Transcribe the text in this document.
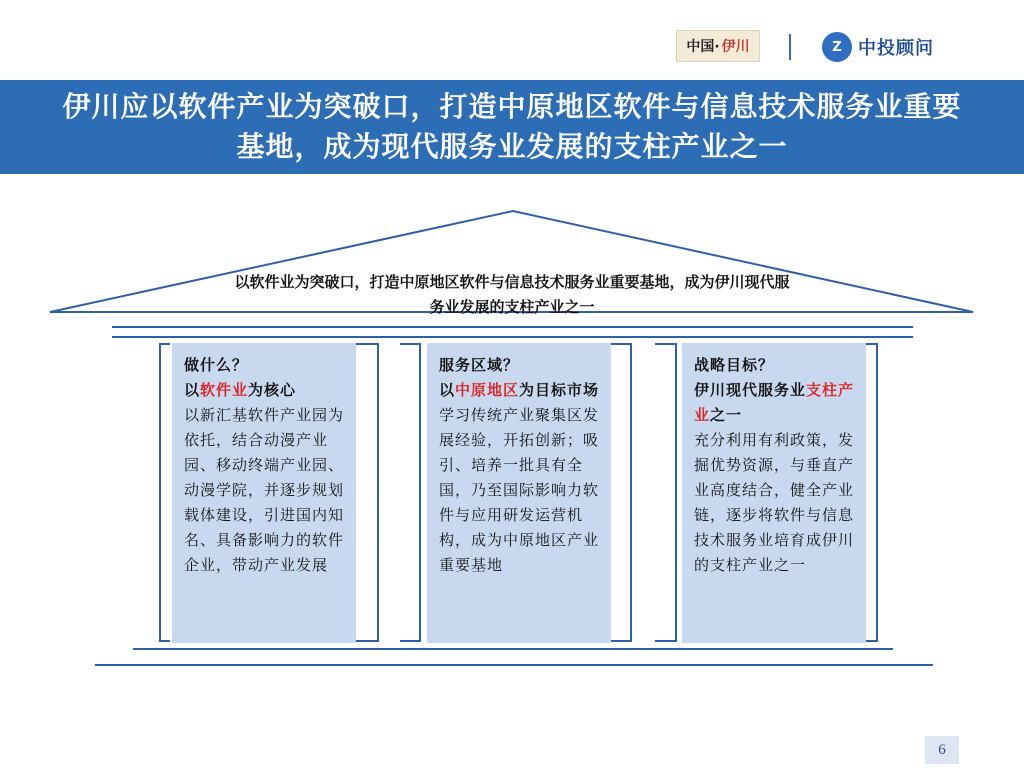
中国· 伊川	Z 中投顾问
伊川应以软件产业为突破口，打造中原地区软件与信息技术服务业重要基地，成为现代服务业发展的支柱产业之一
以软件业为突破口，打造中原地区软件与信息技术服务业重要基地，成为伊川现代服务业发展的支柱产业之一
做什么？
以软件业为核心
以新汇基软件产业园为依托，结合动漫产业园、移动终端产业园、动漫学院，并逐步规划载体建设，引进国内知名、具备影响力的软件企业，带动产业发展
服务区域？
以中原地区为目标市场
学习传统产业聚集区发展经验，开拓创新；吸引、培养一批具有全国，乃至国际影响力软件与应用研发运营机构，成为中原地区产业重要基地
战略目标？
伊川现代服务业支柱产业之一
充分利用有利政策，发掘优势资源，与垂直产业高度结合，健全产业链，逐步将软件与信息技术服务业培育成伊川的支柱产业之一
6
